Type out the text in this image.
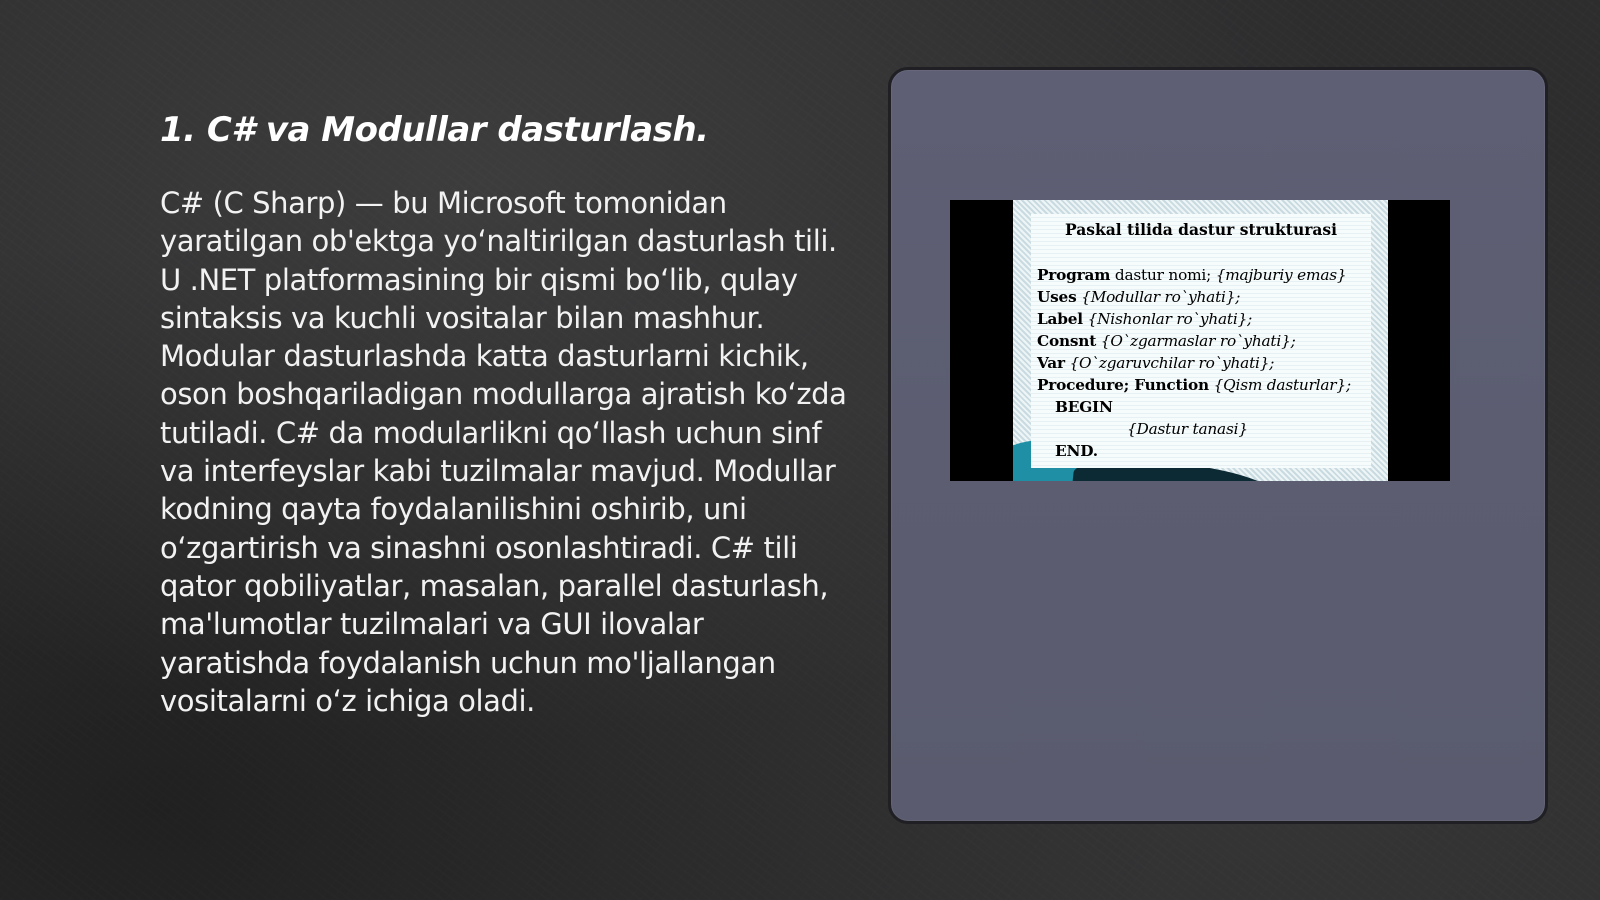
1. C# va Modullar dasturlash.

C# (C Sharp) — bu Microsoft tomonidan yaratilgan ob'ektga yo‘naltirilgan dasturlash tili. U .NET platformasining bir qismi bo‘lib, qulay sintaksis va kuchli vositalar bilan mashhur. Modular dasturlashda katta dasturlarni kichik, oson boshqariladigan modullarga ajratish ko‘zda tutiladi. C# da modularlikni qo‘llash uchun sinf va interfeyslar kabi tuzilmalar mavjud. Modullar kodning qayta foydalanilishini oshirib, uni o‘zgartirish va sinashni osonlashtiradi. C# tili qator qobiliyatlar, masalan, parallel dasturlash, ma'lumotlar tuzilmalari va GUI ilovalar yaratishda foydalanish uchun mo'ljallangan vositalarni o‘z ichiga oladi.

Paskal tilida dastur strukturasi
Program dastur nomi; {majburiy emas}
Uses {Modullar ro`yhati};
Label {Nishonlar ro`yhati};
Consnt {O`zgarmaslar ro`yhati};
Var {O`zgaruvchilar ro`yhati};
Procedure; Function {Qism dasturlar};
BEGIN
{Dastur tanasi}
END.
